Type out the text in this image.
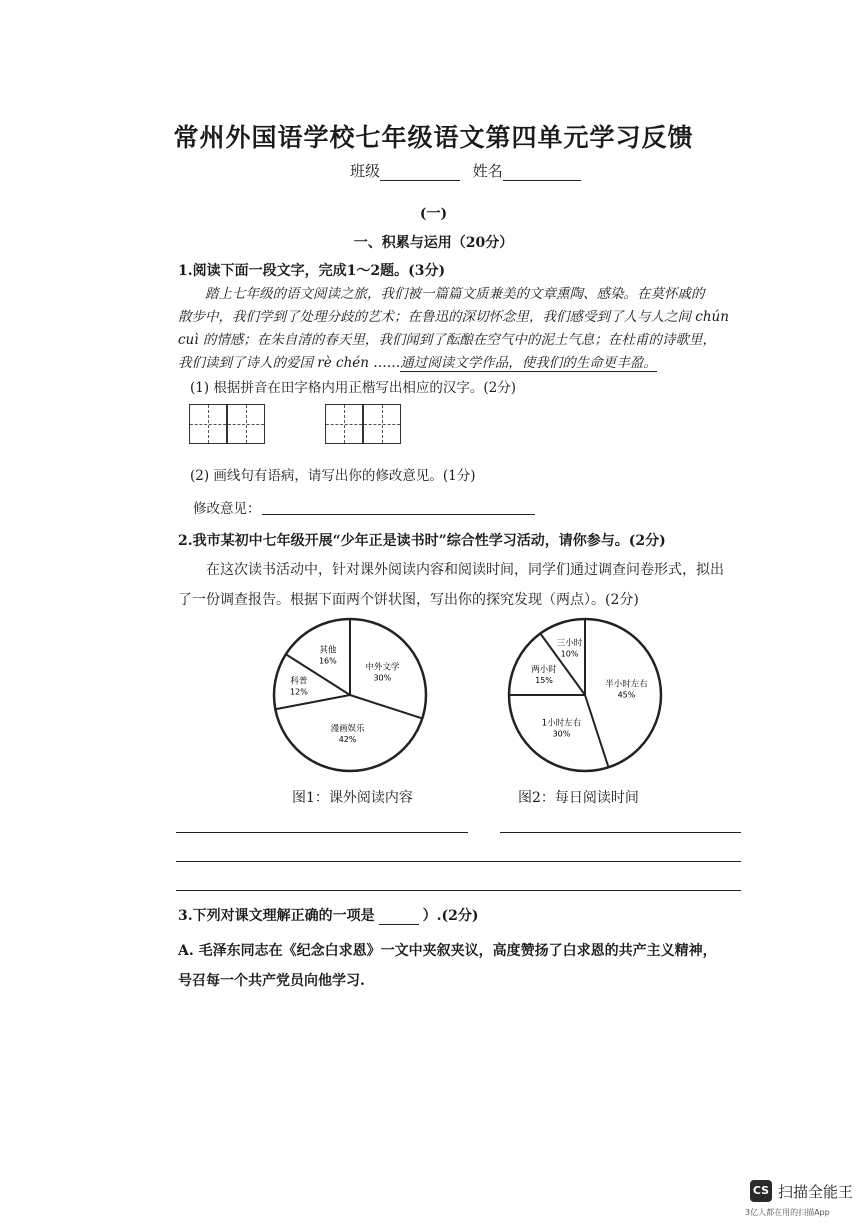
常州外国语学校七年级语文第四单元学习反馈
班级	姓名
(一)
一、积累与运用（20分）
1.阅读下面一段文字，完成1～2题。(3分)
踏上七年级的语文阅读之旅，我们被一篇篇文质兼美的文章熏陶、感染。在莫怀戚的
散步中，我们学到了处理分歧的艺术；在鲁迅的深切怀念里，我们感受到了人与人之间 chún
cuì 的情感；在朱自清的春天里，我们闻到了酝酿在空气中的泥土气息；在杜甫的诗歌里，
我们读到了诗人的爱国 rè chén ……通过阅读文学作品，使我们的生命更丰盈。
(1) 根据拼音在田字格内用正楷写出相应的汉字。(2分)
(2) 画线句有语病，请写出你的修改意见。(1分)
修改意见：
2.我市某初中七年级开展“少年正是读书时”综合性学习活动，请你参与。(2分)
在这次读书活动中，针对课外阅读内容和阅读时间，同学们通过调查问卷形式，拟出
了一份调查报告。根据下面两个饼状图，写出你的探究发现（两点）。(2分)
中外文学
30%
漫画娱乐
42%
科普
12%
其他
16%
半小时左右
45%
1小时左右
30%
两小时
15%
三小时
10%
图1：课外阅读内容	图2：每日阅读时间
3.下列对课文理解正确的一项是	）.(2分)
A. 毛泽东同志在《纪念白求恩》一文中夹叙夹议，高度赞扬了白求恩的共产主义精神，
号召每一个共产党员向他学习.
CS 扫描全能王
3亿人都在用的扫描App
